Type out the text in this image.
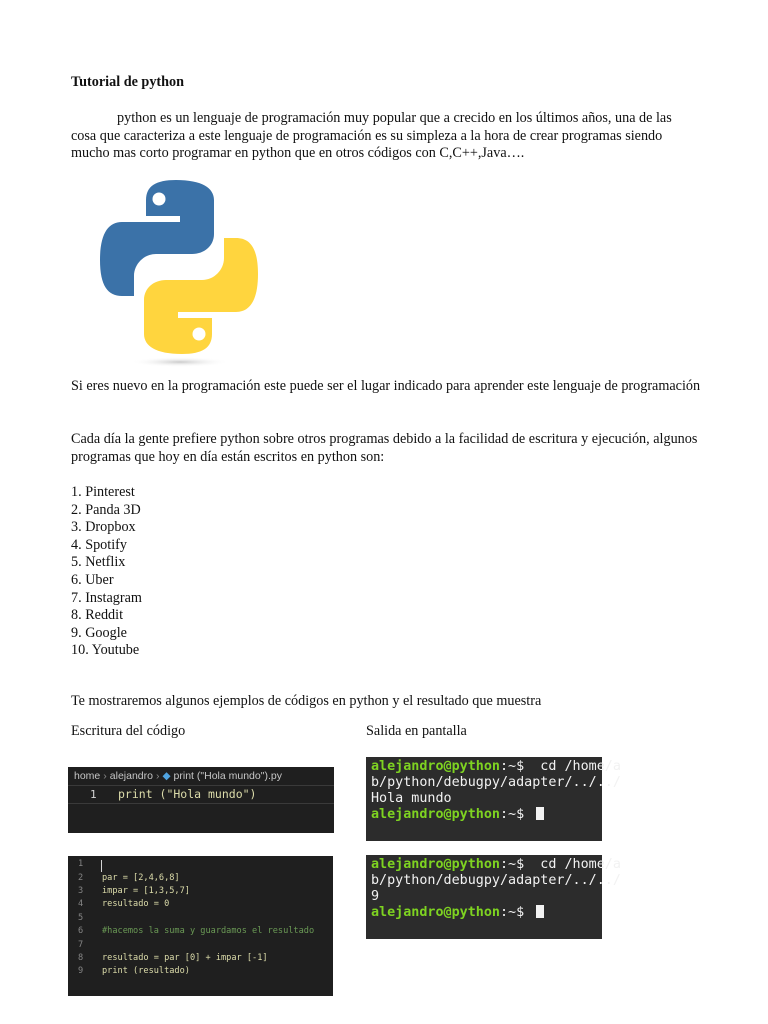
Tutorial de python
python es un lenguaje de programación muy popular que a crecido en los últimos años, una de las cosa que caracteriza a este lenguaje de programación es su simpleza a la hora de crear programas siendo mucho mas corto programar en python que en otros códigos con C,C++,Java….
Si eres nuevo en la programación este puede ser el lugar indicado para aprender este lenguaje de programación
Cada día la gente prefiere python sobre otros programas debido a la facilidad de escritura y ejecución, algunos programas que hoy en día están escritos en python son:
1. Pinterest
2. Panda 3D
3. Dropbox
4. Spotify
5. Netflix
6. Uber
7. Instagram
8. Reddit
9. Google
10. Youtube
Te mostraremos algunos ejemplos de códigos en python y el resultado que muestra
Escritura del código	Salida en pantalla
home › alejandro › ◆ print ("Hola mundo").py
1 print ("Hola mundo")
1
2 par = [2,4,6,8]
3 impar = [1,3,5,7]
4 resultado = 0
5
6 #hacemos la suma y guardamos el resultado
7
8 resultado = par [0] + impar [-1]
9 print (resultado)
alejandro@python:~$  cd /home/a
b/python/debugpy/adapter/../../
Hola mundo
alejandro@python:~$
alejandro@python:~$  cd /home/a
b/python/debugpy/adapter/../../
9
alejandro@python:~$
